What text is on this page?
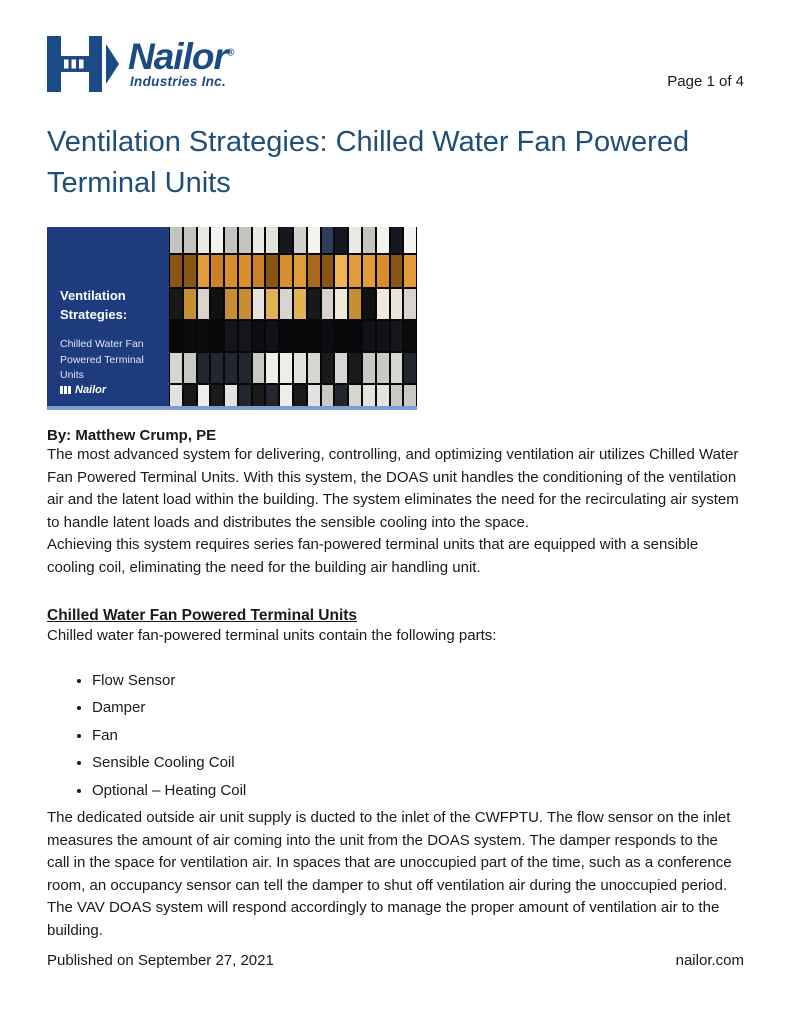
Nailor®
Industries Inc.	Page 1 of 4
Ventilation Strategies: Chilled Water Fan Powered Terminal Units
Ventilation Strategies:
Chilled Water Fan Powered Terminal Units
Nailor
By: Matthew Crump, PE

The most advanced system for delivering, controlling, and optimizing ventilation air utilizes Chilled Water Fan Powered Terminal Units. With this system, the DOAS unit handles the conditioning of the ventilation air and the latent load within the building. The system eliminates the need for the recirculating air system to handle latent loads and distributes the sensible cooling into the space.

Achieving this system requires series fan-powered terminal units that are equipped with a sensible cooling coil, eliminating the need for the building air handling unit.

Chilled Water Fan Powered Terminal Units
Chilled water fan-powered terminal units contain the following parts:
• Flow Sensor
• Damper
• Fan
• Sensible Cooling Coil
• Optional – Heating Coil

The dedicated outside air unit supply is ducted to the inlet of the CWFPTU. The flow sensor on the inlet measures the amount of air coming into the unit from the DOAS system. The damper responds to the call in the space for ventilation air. In spaces that are unoccupied part of the time, such as a conference room, an occupancy sensor can tell the damper to shut off ventilation air during the unoccupied period. The VAV DOAS system will respond accordingly to manage the proper amount of ventilation air to the building.

Published on September 27, 2021	nailor.com
